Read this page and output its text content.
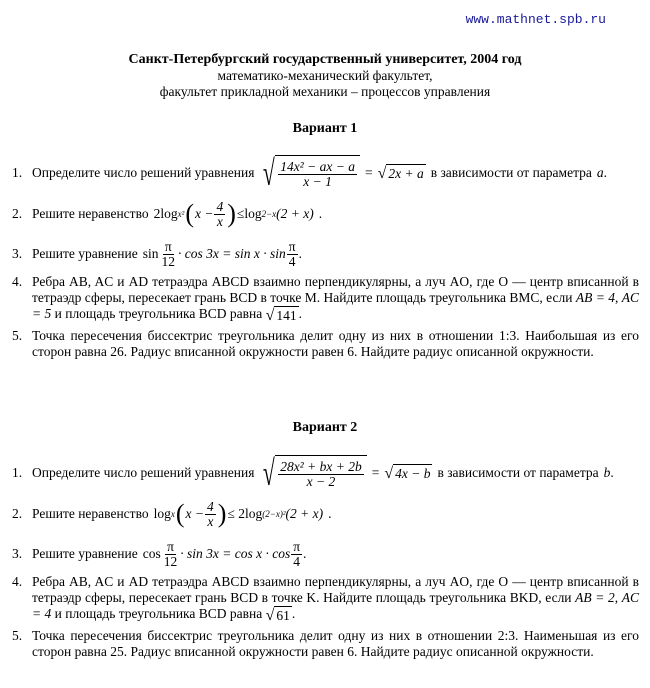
www.mathnet.spb.ru
Санкт-Петербургский государственный университет, 2004 год
математико-механический факультет,
факультет прикладной механики – процессов управления
Вариант 1
1. Определите число решений уравнения √ $\frac{\text{14x² − ax − a}}{x - 1}$ = √ 2x + a в зависимости от параметра a .
2. Решите неравенство 2log x² ( $x - \frac{4}{x}$ ) ≤ log 2−x (2 + x) .
3. Решите уравнение $\sin \frac{\pi}{12} \cdot \cos 3x = \sin x \cdot \sin \frac{\pi}{4}$ .
4. Ребра AB, AC и AD тетраэдра ABCD взаимно перпендикулярны, а луч AO, где O — центр вписанной в тетраэдр сферы, пересекает грань BCD в точке M. Найдите площадь треугольника BMC, если AB = 4, AC = 5 и площадь треугольника BCD равна √ 141 .
5. Точка пересечения биссектрис треугольника делит одну из них в отношении 1:3. Наибольшая из его сторон равна 26. Радиус вписанной окружности равен 6. Найдите радиус описанной окружности.
Вариант 2
1. Определите число решений уравнения √ $\frac{\text{28x² + bx + 2b}}{x - 2}$ = √ 4x − b в зависимости от параметра b .
2. Решите неравенство log x ( $x - \frac{4}{x}$ ) ≤ 2 log (2−x)² (2 + x) .
3. Решите уравнение $\cos \frac{\pi}{12} \cdot \sin 3x = \cos x \cdot \cos \frac{\pi}{4}$ .
4. Ребра AB, AC и AD тетраэдра ABCD взаимно перпендикулярны, а луч AO, где O — центр вписанной в тетраэдр сферы, пересекает грань BCD в точке K. Найдите площадь треугольника BKD, если AB = 2, AC = 4 и площадь треугольника BCD равна √ 61 .
5. Точка пересечения биссектрис треугольника делит одну из них в отношении 2:3. Наименьшая из его сторон равна 25. Радиус вписанной окружности равен 6. Найдите радиус описанной окружности.
